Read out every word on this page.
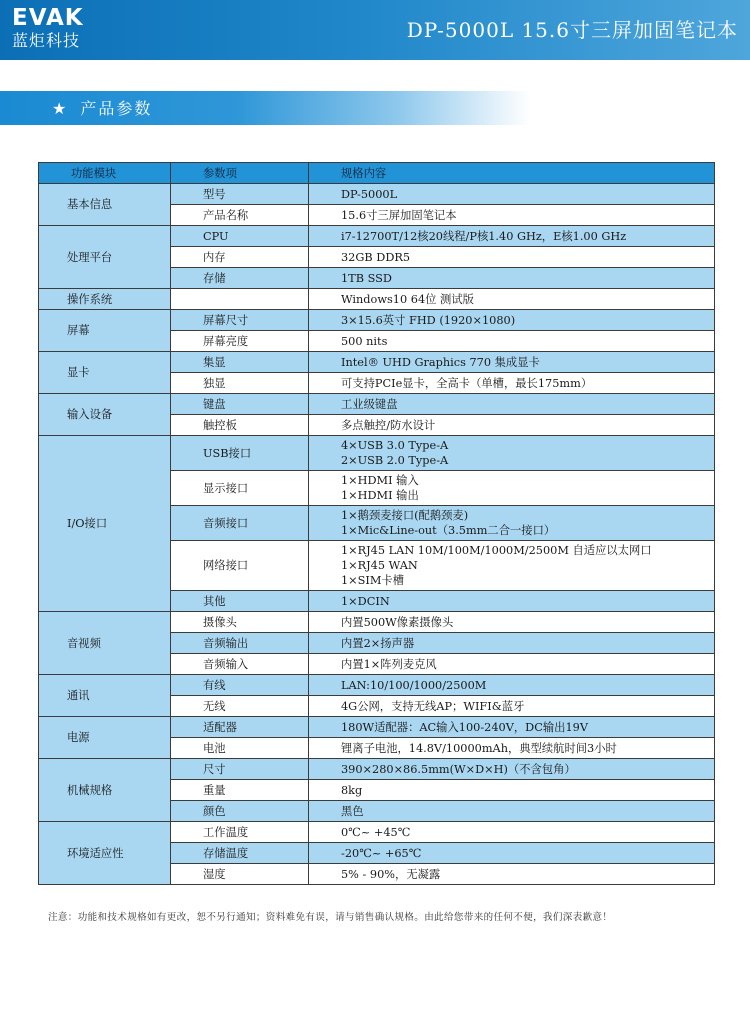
EVAK
蓝炬科技	DP-5000L 15.6寸三屏加固笔记本
★ 产品参数
功能模块	参数项	规格内容
基本信息	型号	DP-5000L

	产品名称	15.6寸三屏加固笔记本

处理平台	CPU	i7-12700T/12核20线程/P核1.40 GHz，E核1.00 GHz

	内存	32GB DDR5

	存储	1TB SSD

操作系统		Windows10 64位 测试版

屏幕	屏幕尺寸	3×15.6英寸 FHD (1920×1080)

	屏幕亮度	500 nits

显卡	集显	Intel® UHD Graphics 770 集成显卡

	独显	可支持PCIe显卡，全高卡（单槽，最长175mm）

输入设备	键盘	工业级键盘

	触控板	多点触控/防水设计

I/O接口	USB接口	4×USB 3.0 Type-A
2×USB 2.0 Type-A

	显示接口	1×HDMI 输入
1×HDMI 输出

	音频接口	1×鹅颈麦接口(配鹅颈麦)
1×Mic&Line-out（3.5mm二合一接口）

	网络接口	1×RJ45 LAN 10M/100M/1000M/2500M 自适应以太网口
1×RJ45 WAN
1×SIM卡槽

	其他	1×DCIN

音视频	摄像头	内置500W像素摄像头

	音频输出	内置2×扬声器

	音频输入	内置1×阵列麦克风

通讯	有线	LAN:10/100/1000/2500M

	无线	4G公网，支持无线AP；WIFI&蓝牙

电源	适配器	180W适配器：AC输入100-240V，DC输出19V

	电池	锂离子电池，14.8V/10000mAh，典型续航时间3小时

机械规格	尺寸	390×280×86.5mm(W×D×H)（不含包角）

	重量	8kg

	颜色	黑色

环境适应性	工作温度	0℃~ +45℃

	存储温度	-20℃~ +65℃

	湿度	5% - 90%，无凝露
注意：功能和技术规格如有更改，恕不另行通知；资料难免有误，请与销售确认规格。由此给您带来的任何不便，我们深表歉意！
